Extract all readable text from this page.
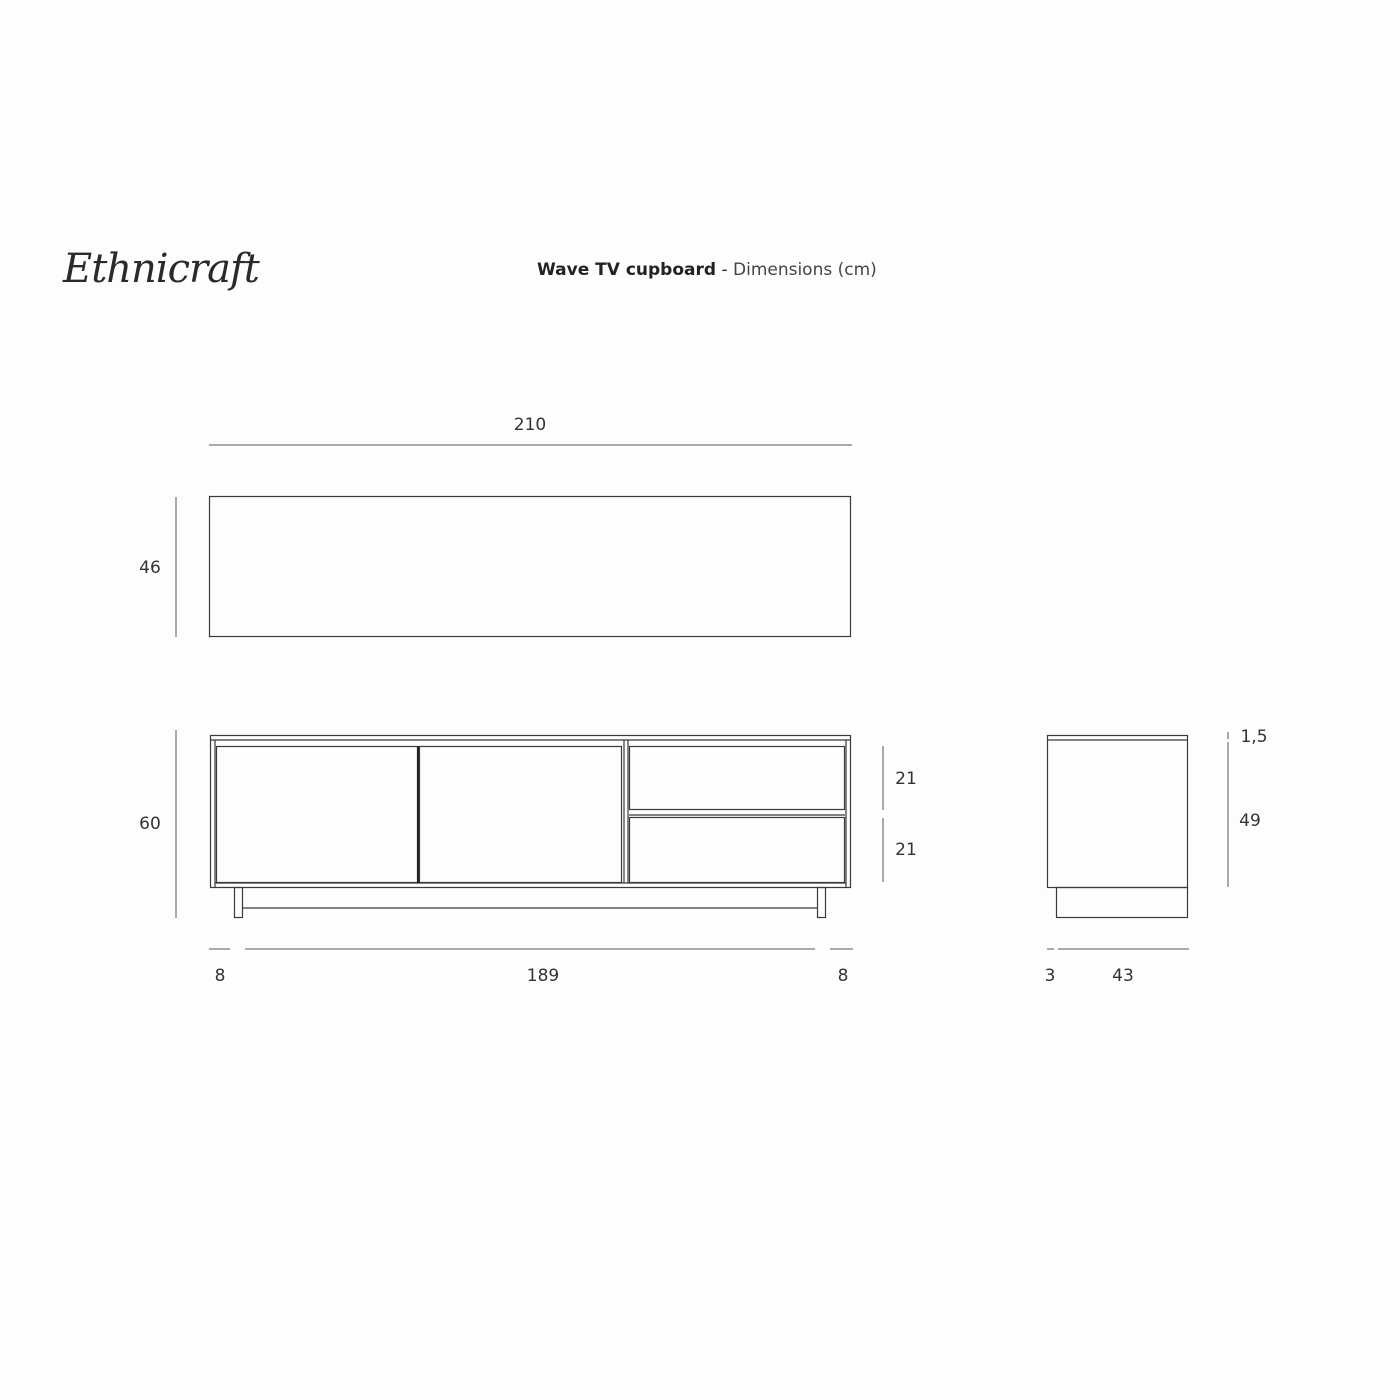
Ethnicraft	Wave TV cupboard - Dimensions (cm)
210
46
60
21
21
8	189	8
1,5
49
3	43
